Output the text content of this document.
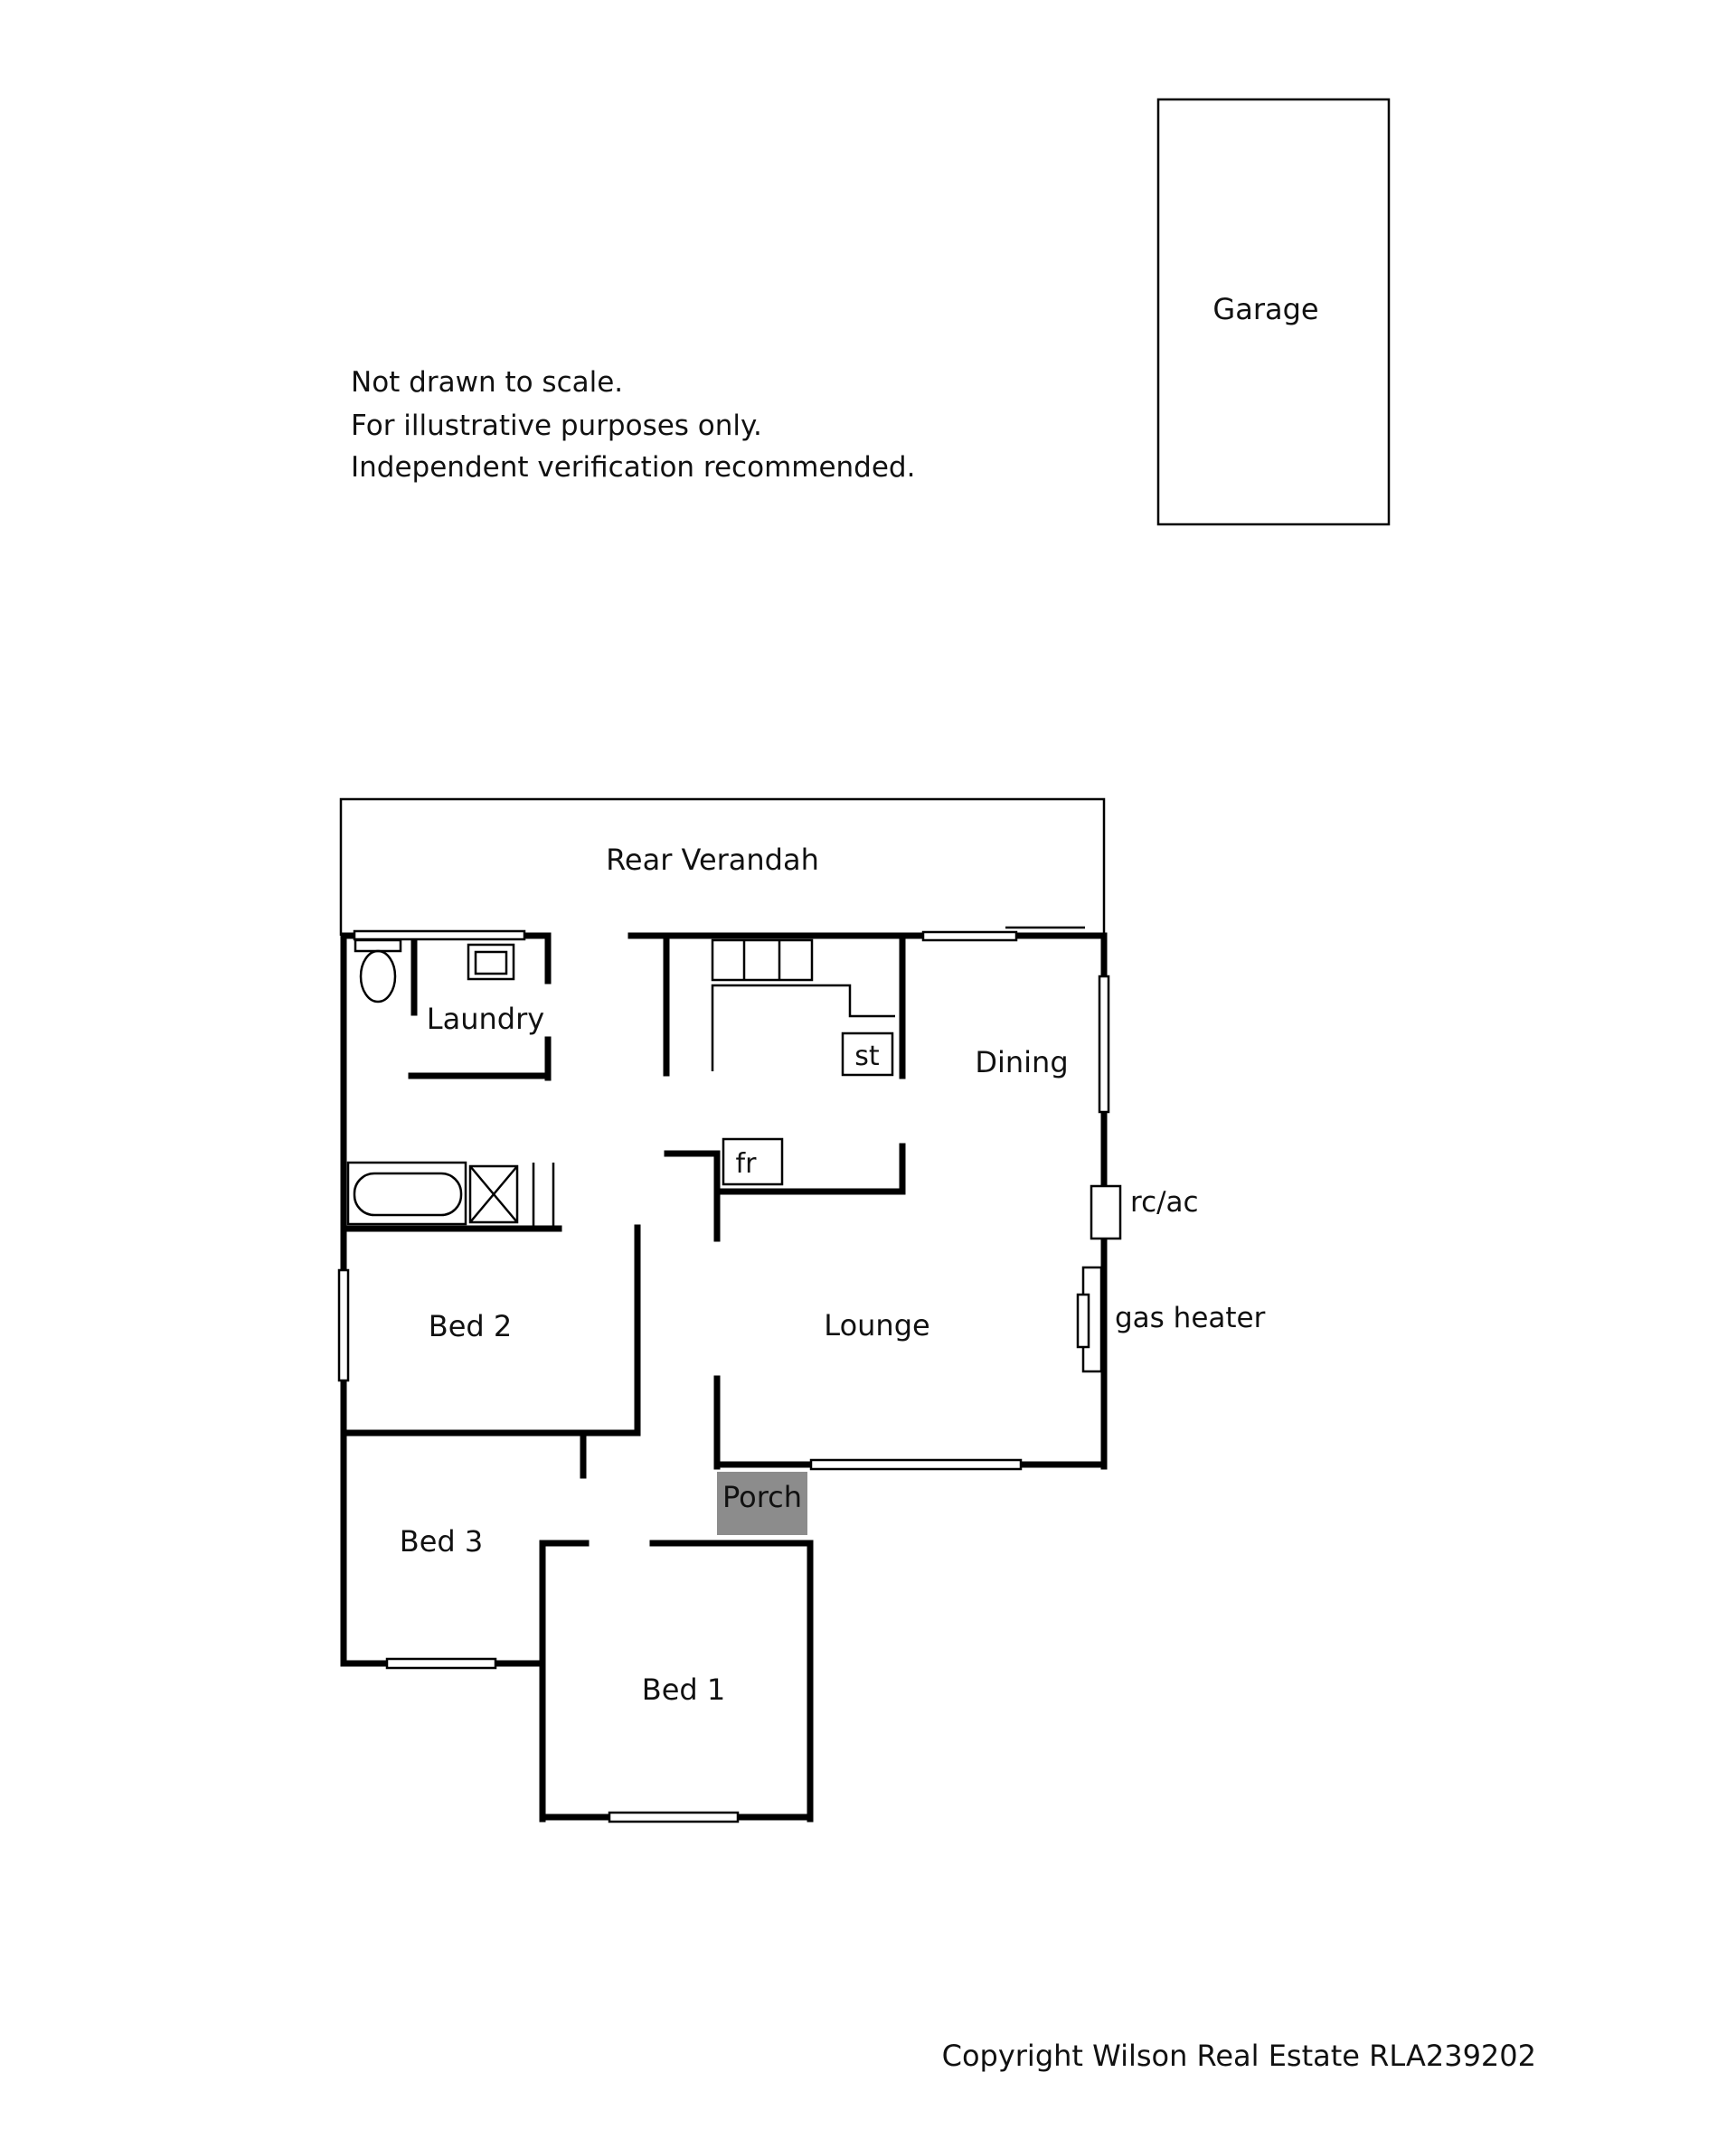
Not drawn to scale.
For illustrative purposes only.
Independent verification recommended.
Garage
Rear Verandah
st
fr
rc/ac
gas heater
Porch
Laundry
Dining
Lounge
Bed 2
Bed 3
Bed 1
Copyright Wilson Real Estate RLA239202
